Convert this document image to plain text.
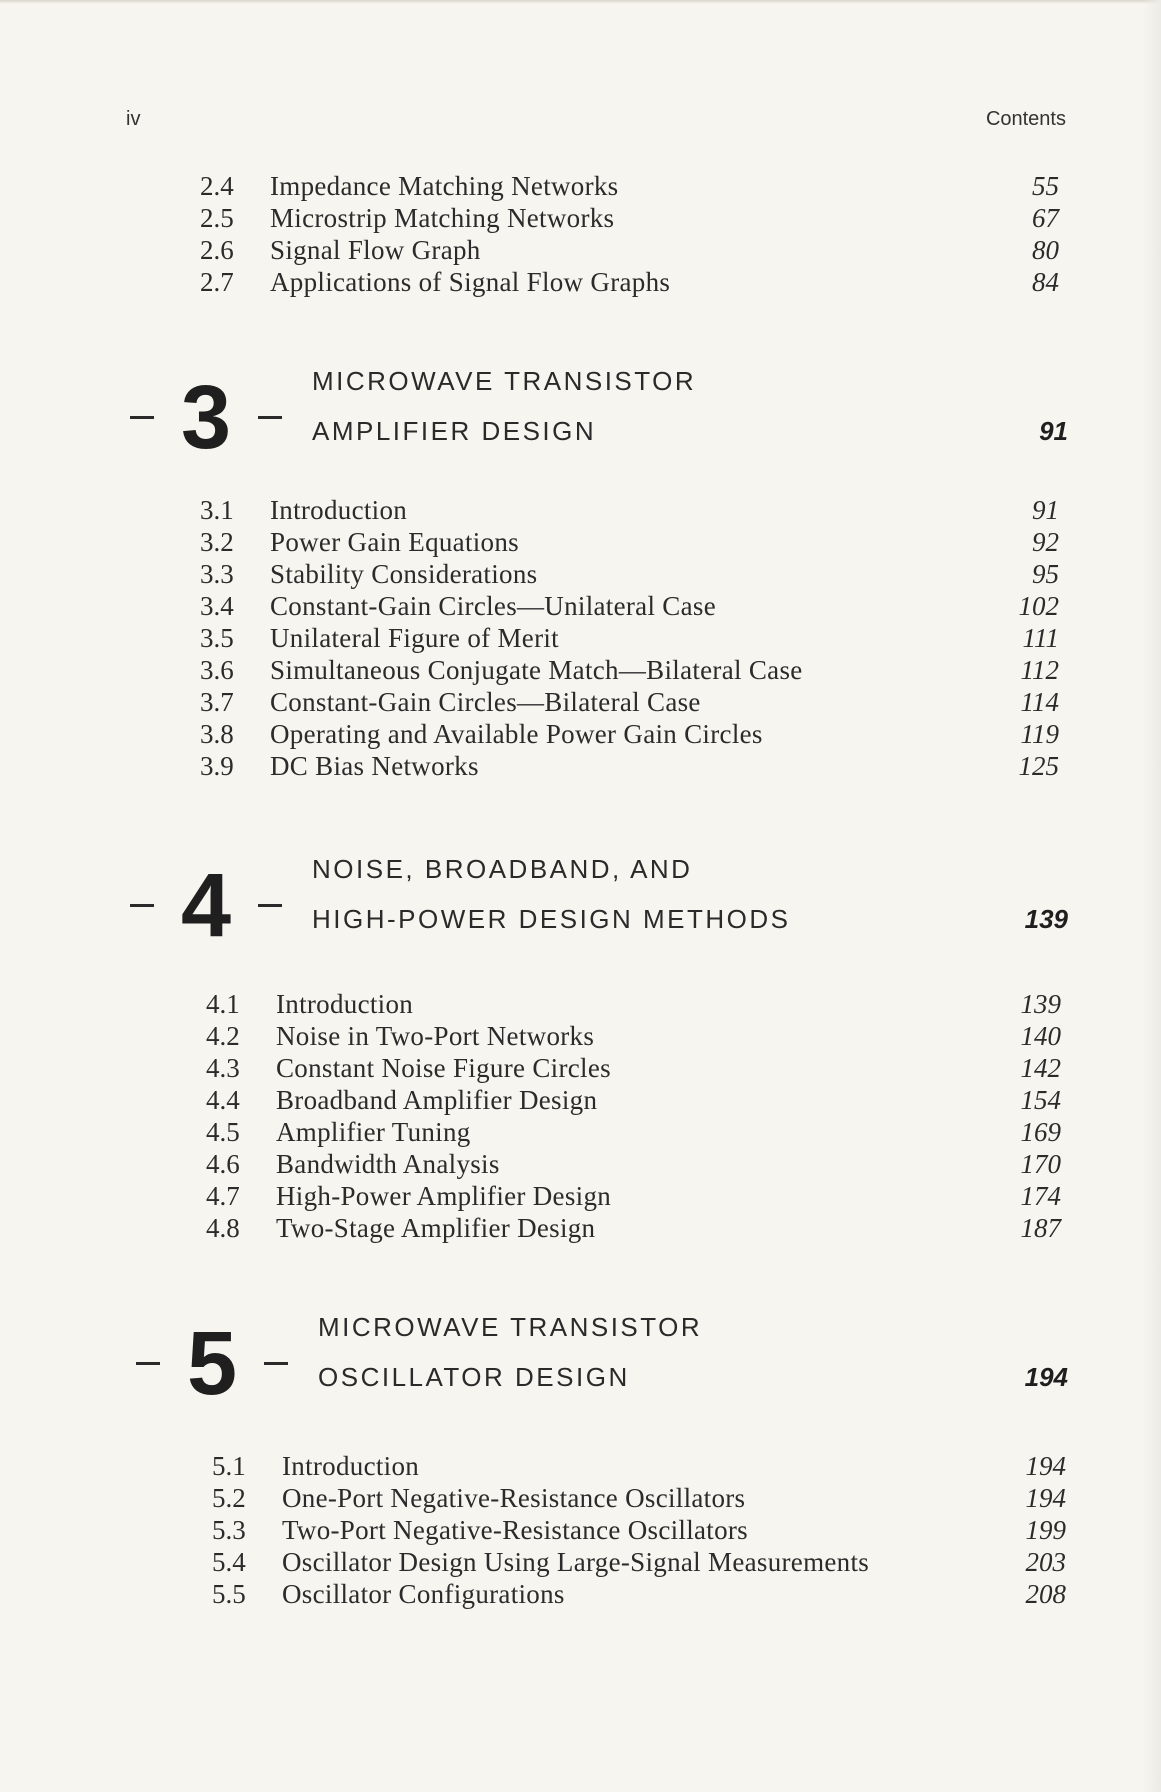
iv	Contents
2.4 Impedance Matching Networks	55
2.5 Microstrip Matching Networks	67
2.6 Signal Flow Graph	80
2.7 Applications of Signal Flow Graphs	84
3	MICROWAVE TRANSISTOR
AMPLIFIER DESIGN	91
3.1 Introduction	91
3.2 Power Gain Equations	92
3.3 Stability Considerations	95
3.4 Constant-Gain Circles—Unilateral Case	102
3.5 Unilateral Figure of Merit	111
3.6 Simultaneous Conjugate Match—Bilateral Case	112
3.7 Constant-Gain Circles—Bilateral Case	114
3.8 Operating and Available Power Gain Circles	119
3.9 DC Bias Networks	125
4	NOISE, BROADBAND, AND
HIGH-POWER DESIGN METHODS	139
4.1 Introduction	139
4.2 Noise in Two-Port Networks	140
4.3 Constant Noise Figure Circles	142
4.4 Broadband Amplifier Design	154
4.5 Amplifier Tuning	169
4.6 Bandwidth Analysis	170
4.7 High-Power Amplifier Design	174
4.8 Two-Stage Amplifier Design	187
5	MICROWAVE TRANSISTOR
OSCILLATOR DESIGN	194
5.1 Introduction	194
5.2 One-Port Negative-Resistance Oscillators	194
5.3 Two-Port Negative-Resistance Oscillators	199
5.4 Oscillator Design Using Large-Signal Measurements	203
5.5 Oscillator Configurations	208
